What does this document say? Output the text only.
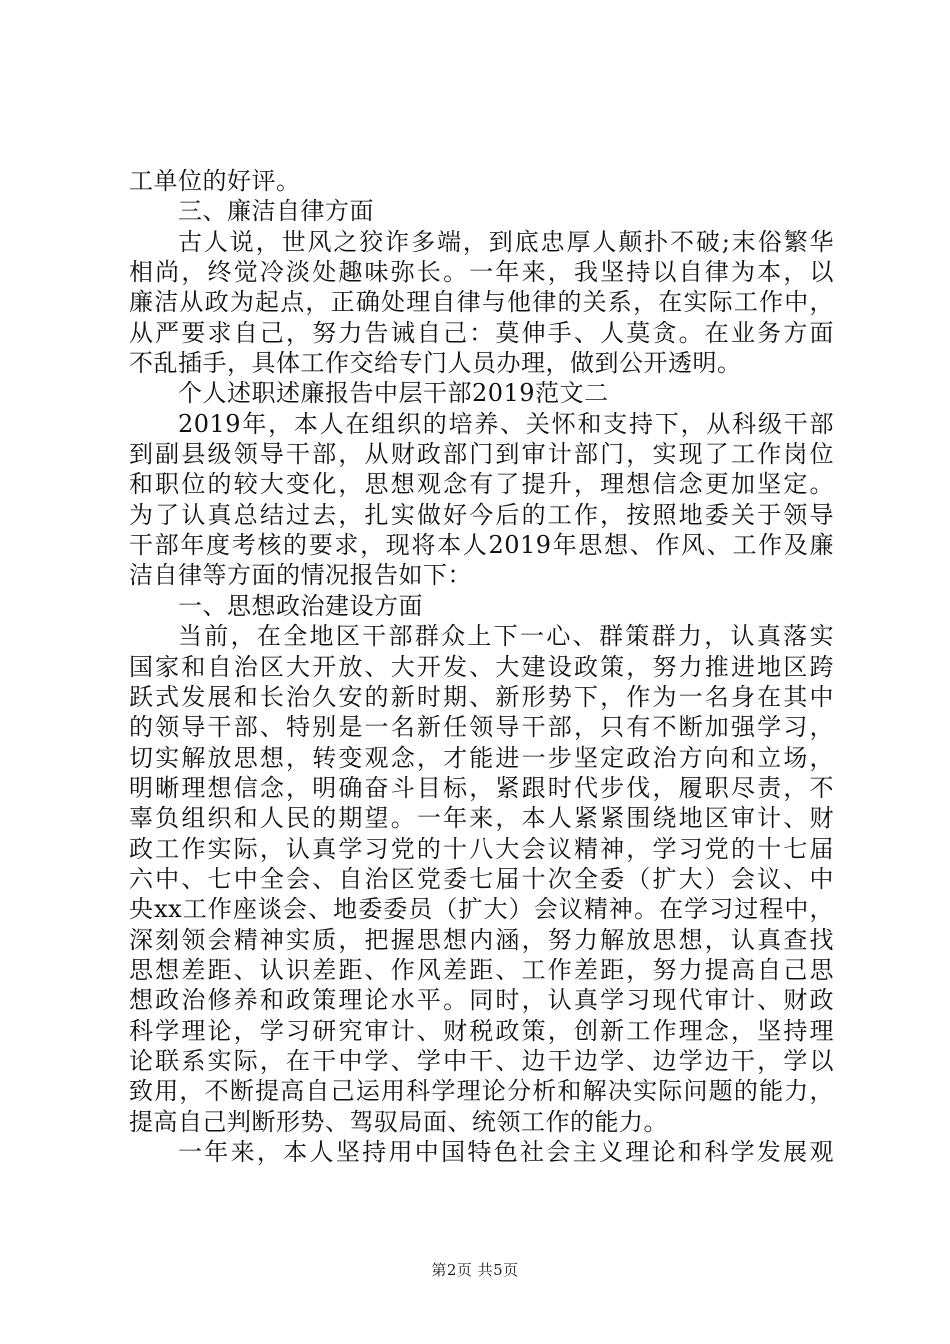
工单位的好评。
三、廉洁自律方面
古人说，世风之狡诈多端，到底忠厚人颠扑不破;末俗繁华
相尚，终觉冷淡处趣味弥长。一年来，我坚持以自律为本，以
廉洁从政为起点，正确处理自律与他律的关系，在实际工作中，
从严要求自己，努力告诫自己：莫伸手、人莫贪。在业务方面
不乱插手，具体工作交给专门人员办理，做到公开透明。
个人述职述廉报告中层干部2019范文二
2019年，本人在组织的培养、关怀和支持下，从科级干部
到副县级领导干部，从财政部门到审计部门，实现了工作岗位
和职位的较大变化，思想观念有了提升，理想信念更加坚定。
为了认真总结过去，扎实做好今后的工作，按照地委关于领导
干部年度考核的要求，现将本人2019年思想、作风、工作及廉
洁自律等方面的情况报告如下：
一、思想政治建设方面
当前，在全地区干部群众上下一心、群策群力，认真落实
国家和自治区大开放、大开发、大建设政策，努力推进地区跨
跃式发展和长治久安的新时期、新形势下，作为一名身在其中
的领导干部、特别是一名新任领导干部，只有不断加强学习，
切实解放思想，转变观念，才能进一步坚定政治方向和立场，
明晰理想信念，明确奋斗目标，紧跟时代步伐，履职尽责，不
辜负组织和人民的期望。一年来，本人紧紧围绕地区审计、财
政工作实际，认真学习党的十八大会议精神，学习党的十七届
六中、七中全会、自治区党委七届十次全委（扩大）会议、中
央xx工作座谈会、地委委员（扩大）会议精神。在学习过程中，
深刻领会精神实质，把握思想内涵，努力解放思想，认真查找
思想差距、认识差距、作风差距、工作差距，努力提高自己思
想政治修养和政策理论水平。同时，认真学习现代审计、财政
科学理论，学习研究审计、财税政策，创新工作理念，坚持理
论联系实际，在干中学、学中干、边干边学、边学边干，学以
致用，不断提高自己运用科学理论分析和解决实际问题的能力，
提高自己判断形势、驾驭局面、统领工作的能力。
一年来，本人坚持用中国特色社会主义理论和科学发展观
第2页 共5页
